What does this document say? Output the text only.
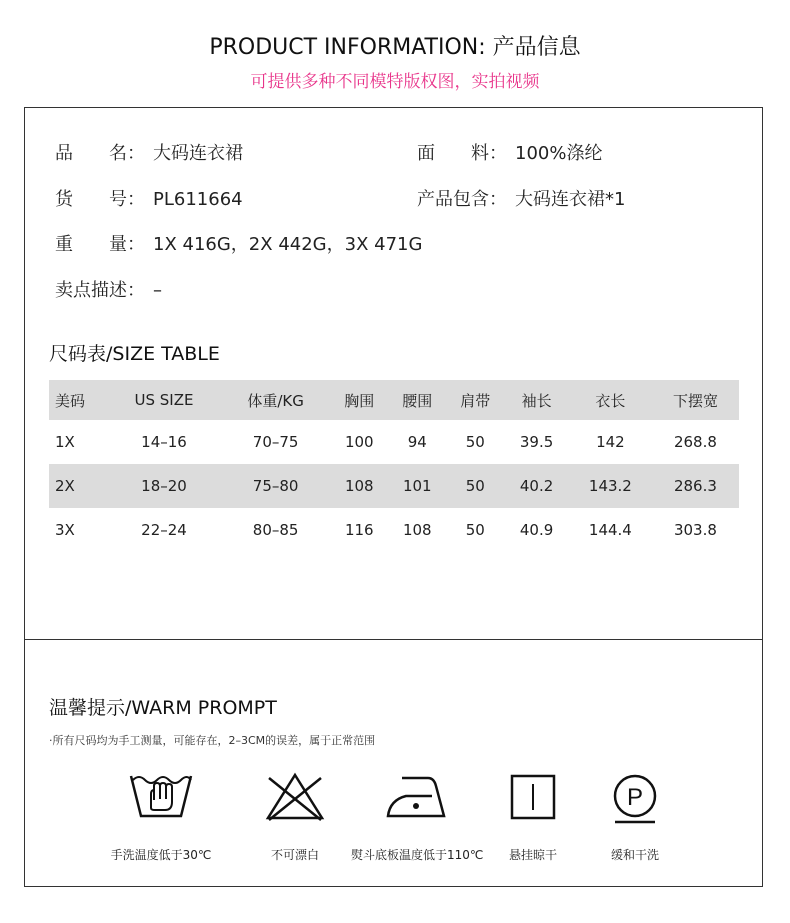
PRODUCT INFORMATION: 产品信息
可提供多种不同模特版权图，实拍视频
品　　名： 大码连衣裙	面　　料： 100%涤纶
货　　号： PL611664	产品包含： 大码连衣裙*1
重　　量： 1X 416G，2X 442G，3X 471G
卖点描述： –
尺码表/SIZE TABLE
美码	US SIZE	体重/KG	胸围	腰围	肩带	袖长	衣长	下摆宽
1X	14–16	70–75	100	94	50	39.5	142	268.8
2X	18–20	75–80	108	101	50	40.2	143.2	286.3
3X	22–24	80–85	116	108	50	40.9	144.4	303.8
温馨提示/WARM PROMPT
·所有尺码均为手工测量，可能存在，2–3CM的误差，属于正常范围
手洗温度低于30℃	不可漂白	熨斗底板温度低于110℃	悬挂晾干
P
缓和干洗
